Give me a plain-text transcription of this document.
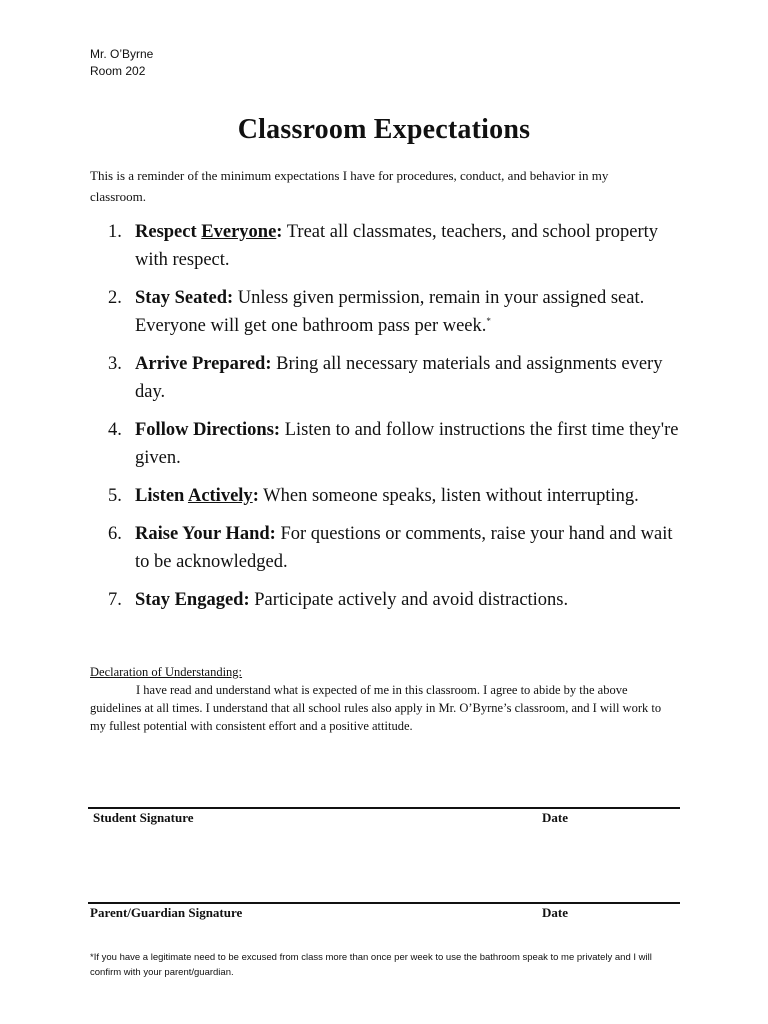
Mr. O’Byrne
Room 202
Classroom Expectations
This is a reminder of the minimum expectations I have for procedures, conduct, and behavior in my classroom.
1. Respect Everyone: Treat all classmates, teachers, and school property with respect.
2. Stay Seated: Unless given permission, remain in your assigned seat. Everyone will get one bathroom pass per week.*
3. Arrive Prepared: Bring all necessary materials and assignments every day.
4. Follow Directions: Listen to and follow instructions the first time they're given.
5. Listen Actively: When someone speaks, listen without interrupting.
6. Raise Your Hand: For questions or comments, raise your hand and wait to be acknowledged.
7. Stay Engaged: Participate actively and avoid distractions.
Declaration of Understanding:
I have read and understand what is expected of me in this classroom. I agree to abide by the above guidelines at all times. I understand that all school rules also apply in Mr. O’Byrne’s classroom, and I will work to my fullest potential with consistent effort and a positive attitude.
Student Signature	Date
Parent/Guardian Signature	Date
*If you have a legitimate need to be excused from class more than once per week to use the bathroom speak to me privately and I will confirm with your parent/guardian.
